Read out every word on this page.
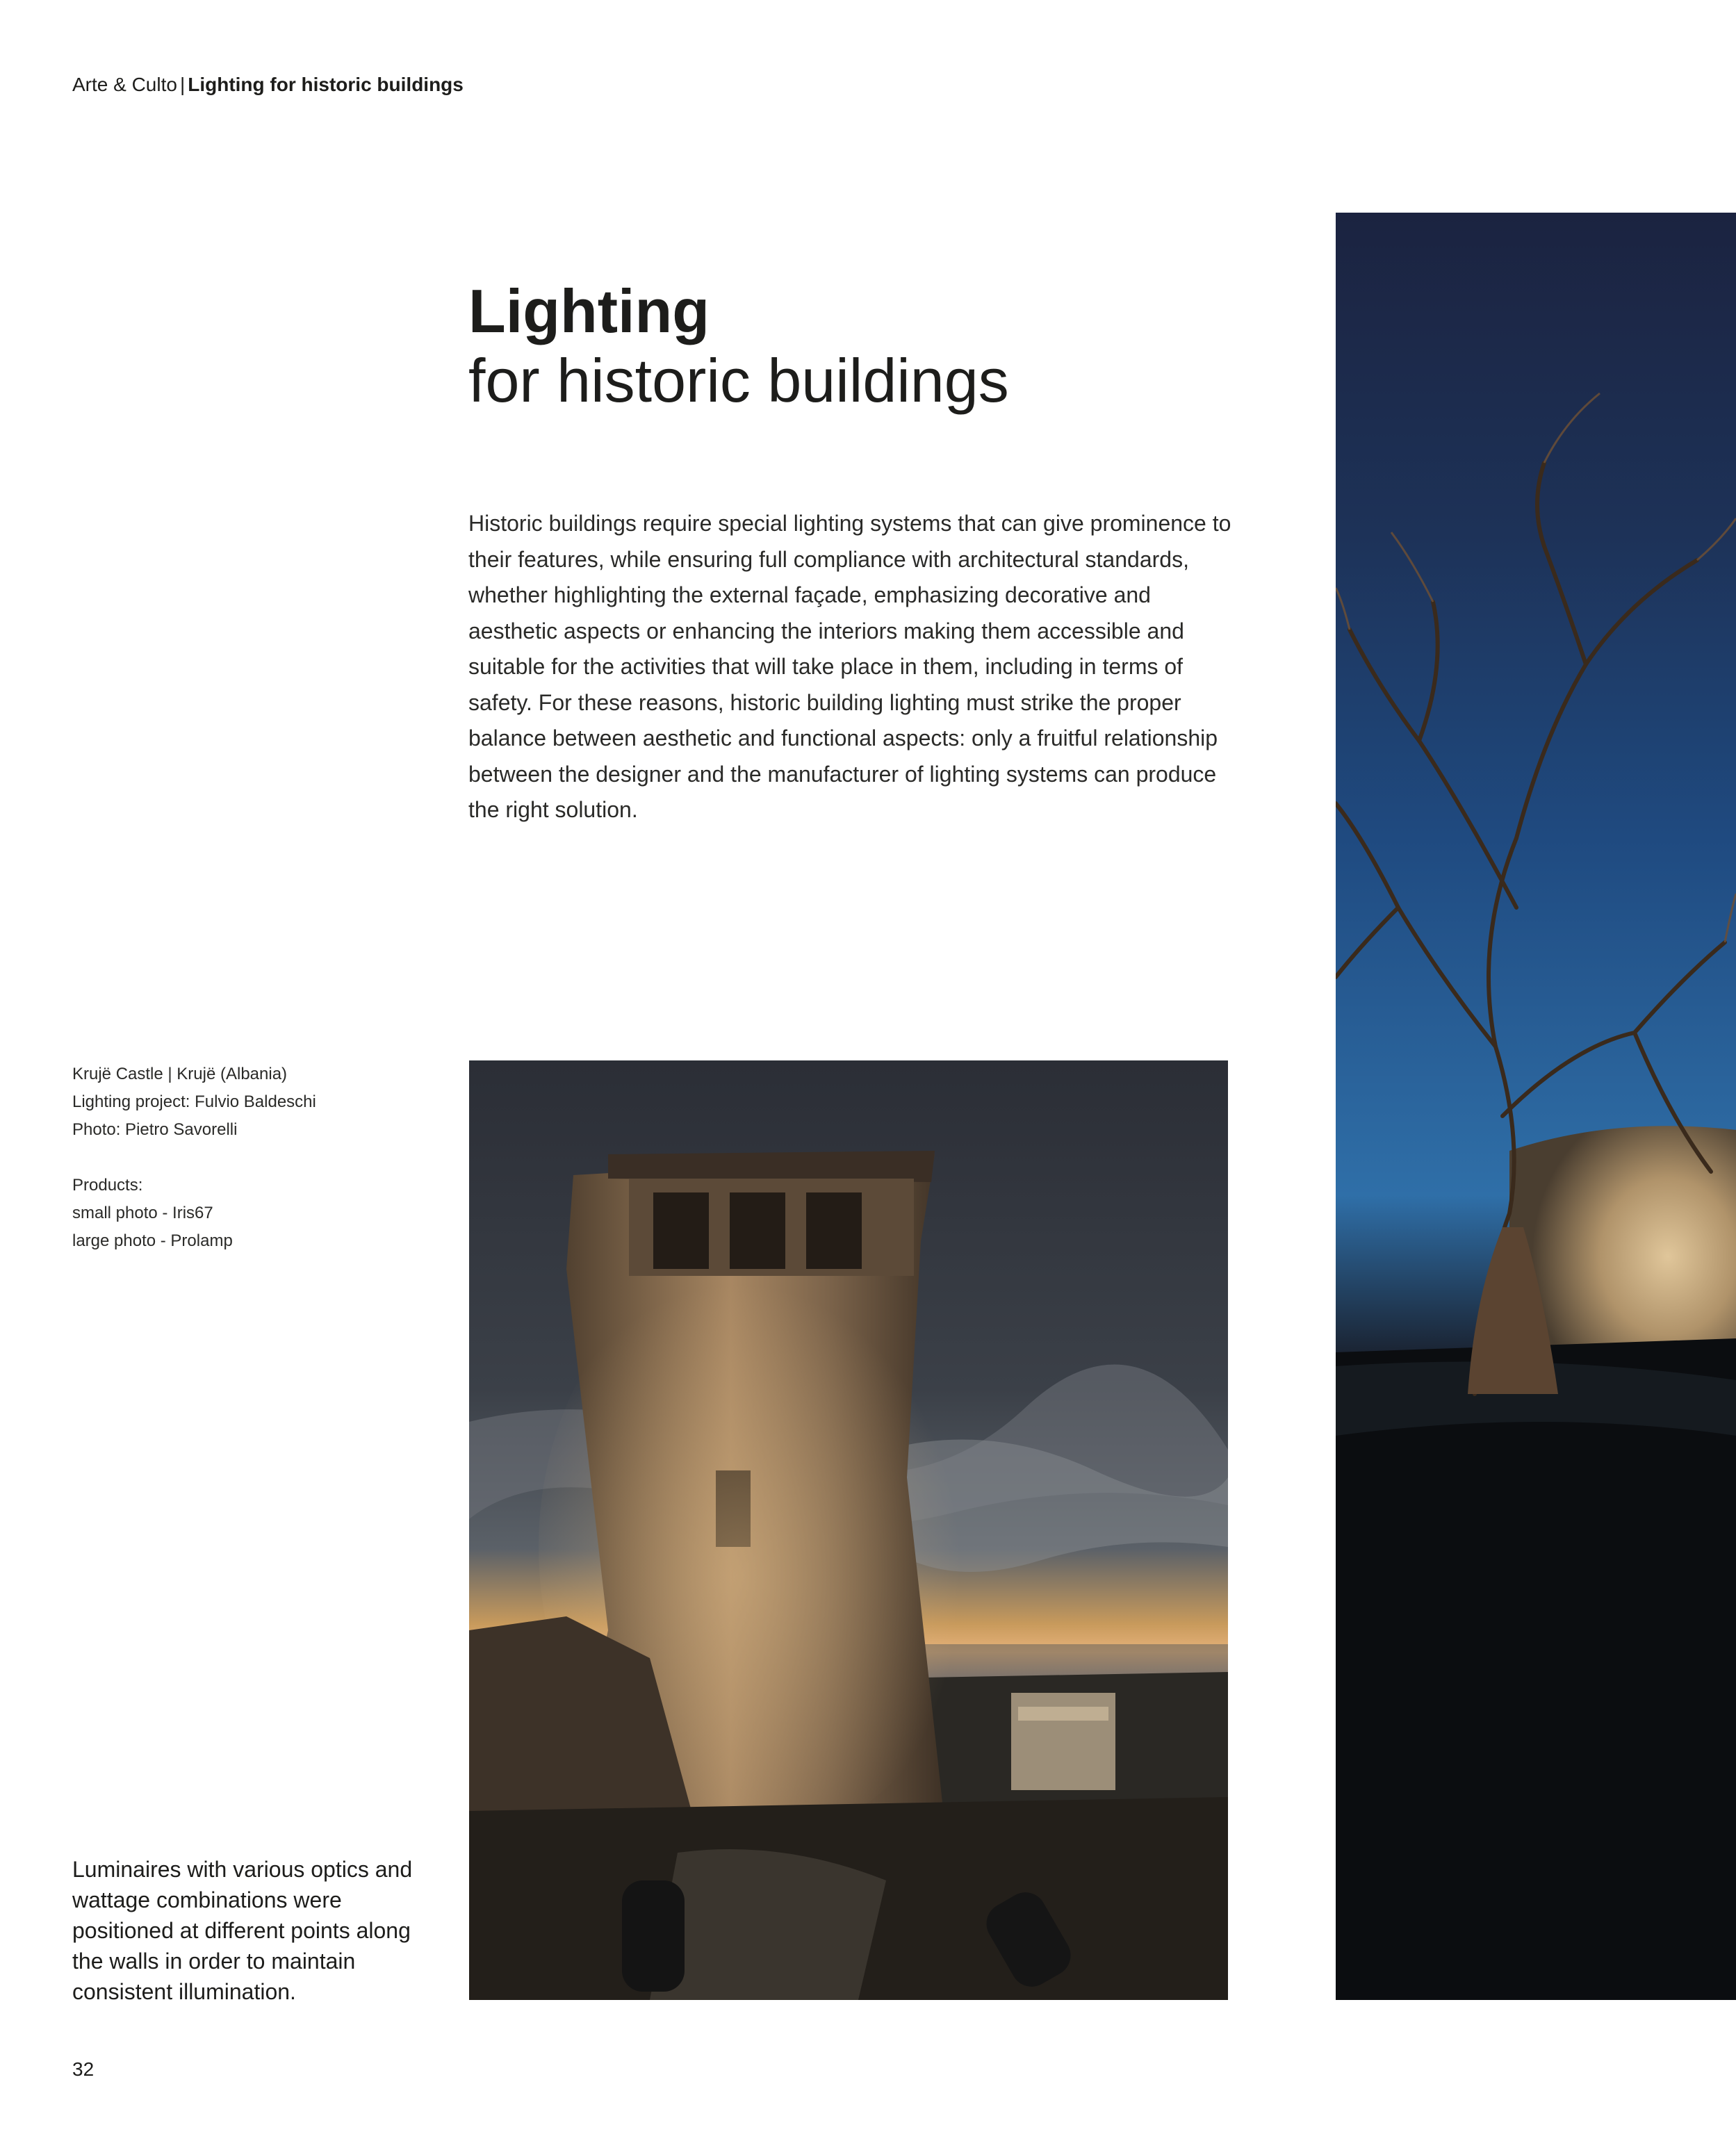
Arte & Culto | Lighting for historic buildings
Lighting
for historic buildings
Historic buildings require special lighting systems that can give prominence to their features, while ensuring full compliance with architectural standards, whether highlighting the external façade, emphasizing decorative and aesthetic aspects or enhancing the interiors making them accessible and suitable for the activities that will take place in them, including in terms of safety. For these reasons, historic building lighting must strike the proper balance between aesthetic and functional aspects: only a fruitful relationship between the designer and the manufacturer of lighting systems can produce the right solution.
Krujë Castle | Krujë (Albania)
Lighting project: Fulvio Baldeschi
Photo: Pietro Savorelli
Products:
small photo - Iris67
large photo - Prolamp
Luminaires with various optics and wattage combinations were positioned at different points along the walls in order to maintain consistent illumination.
32
